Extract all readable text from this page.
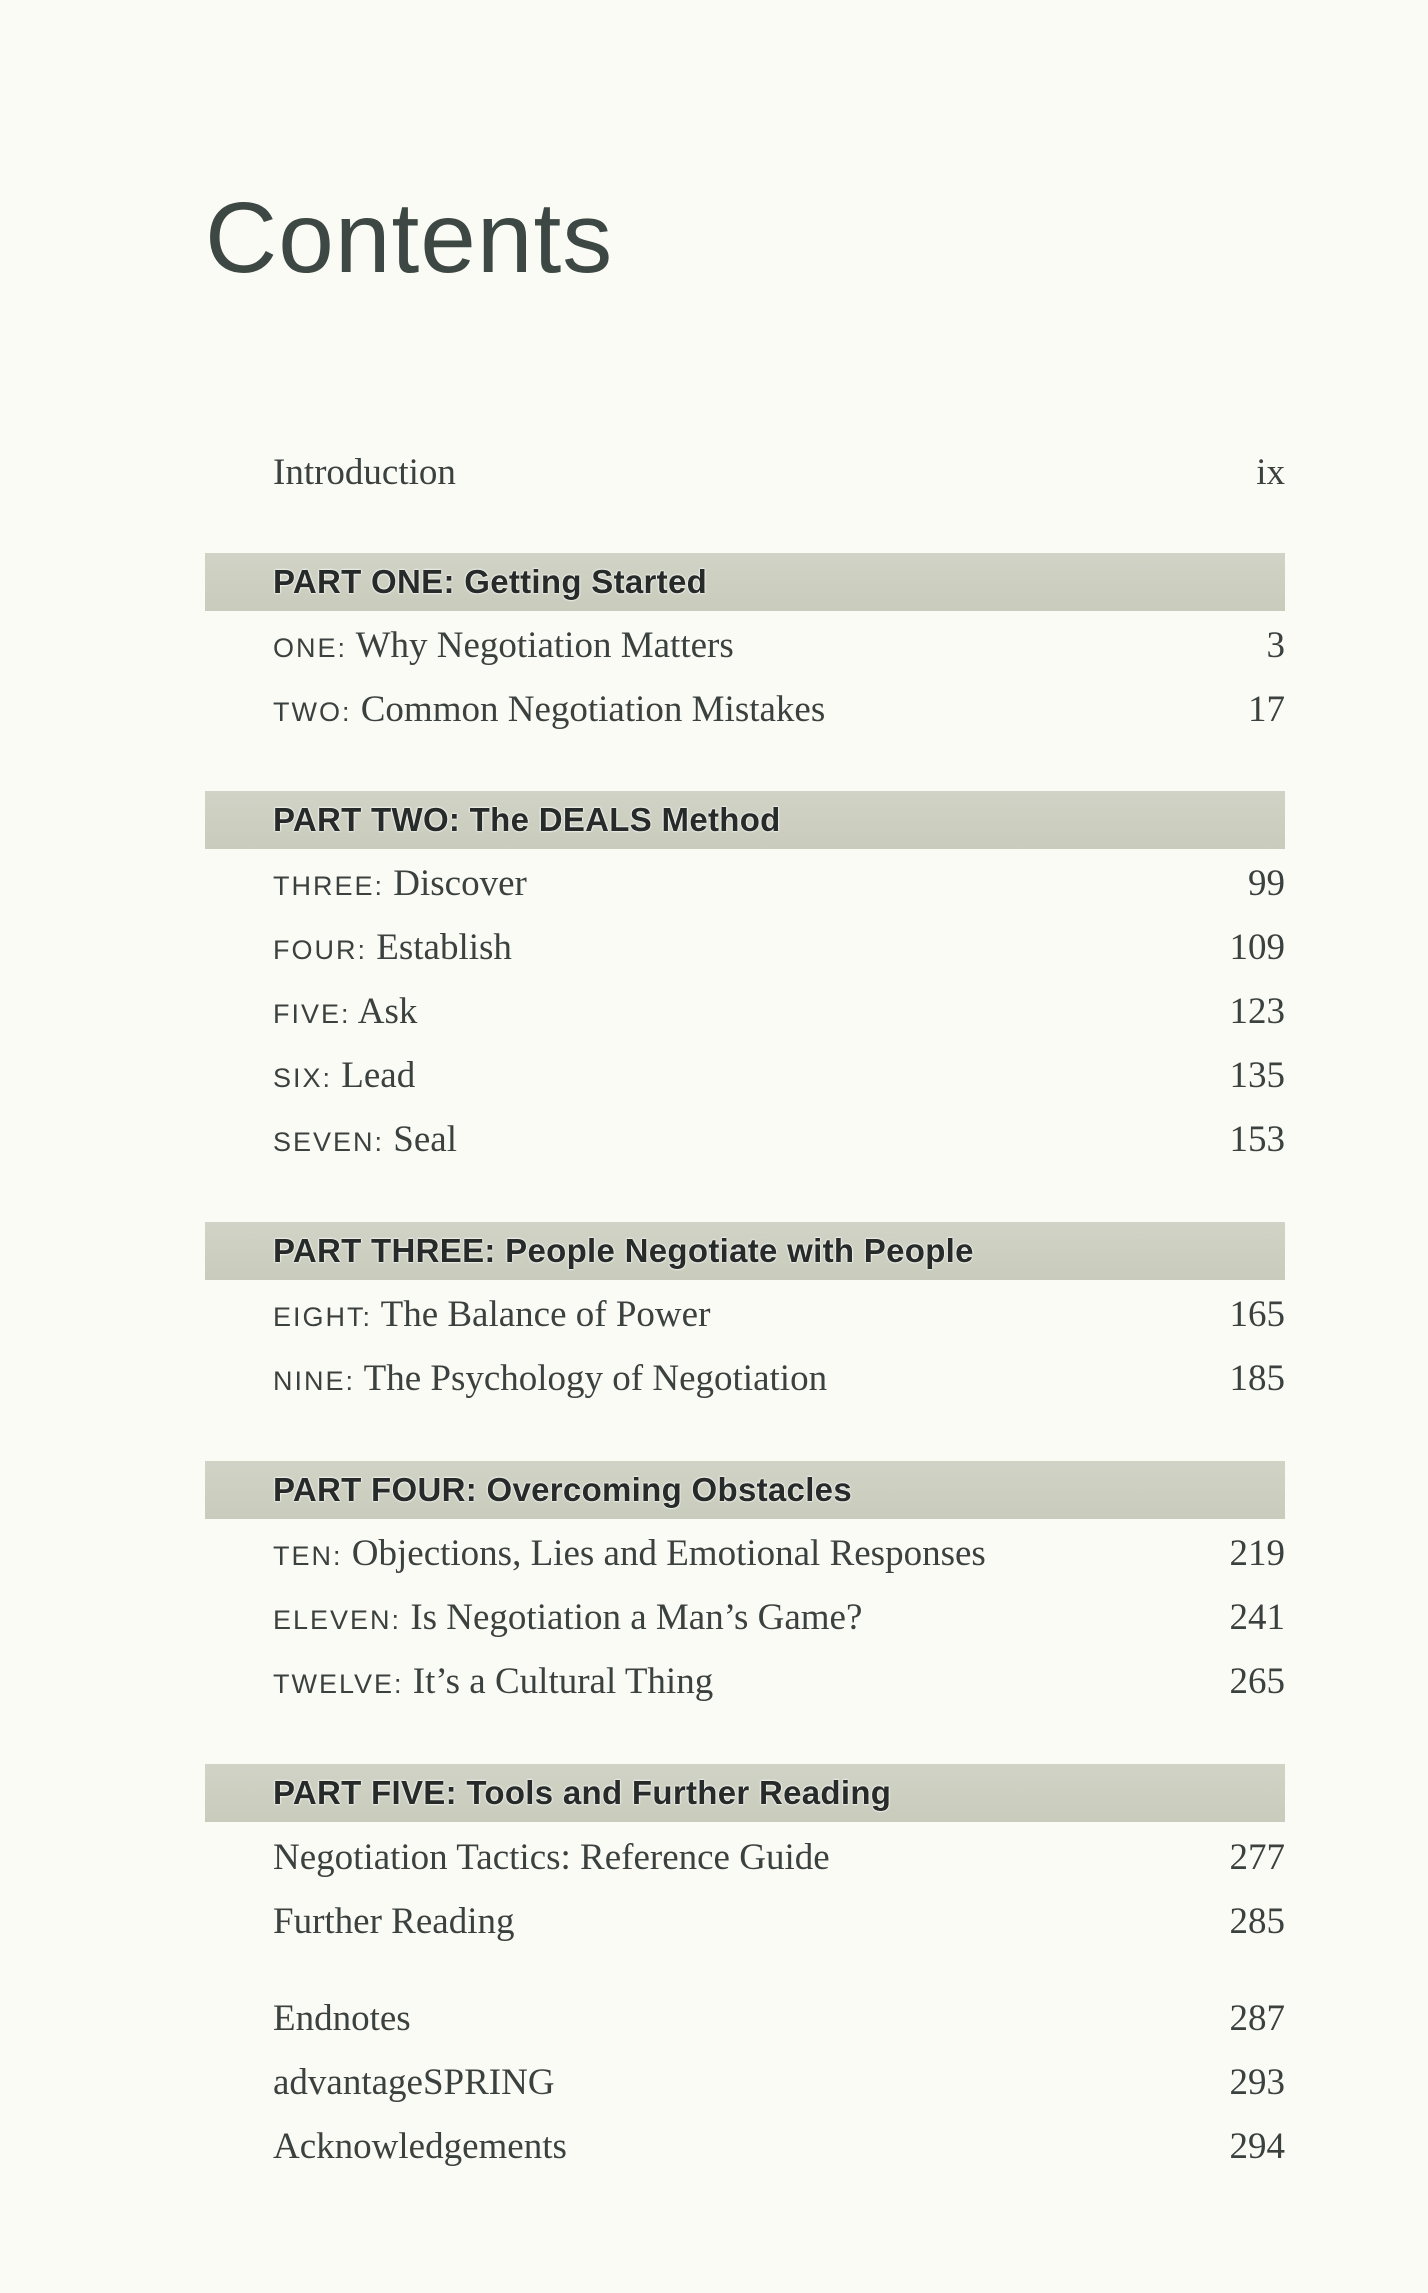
Contents
Introduction	ix
PART ONE: Getting Started
ONE: Why Negotiation Matters	3
TWO: Common Negotiation Mistakes	17
PART TWO: The DEALS Method
THREE: Discover	99
FOUR: Establish	109
FIVE: Ask	123
SIX: Lead	135
SEVEN: Seal	153
PART THREE: People Negotiate with People
EIGHT: The Balance of Power	165
NINE: The Psychology of Negotiation	185
PART FOUR: Overcoming Obstacles
TEN: Objections, Lies and Emotional Responses	219
ELEVEN: Is Negotiation a Man’s Game?	241
TWELVE: It’s a Cultural Thing	265
PART FIVE: Tools and Further Reading
Negotiation Tactics: Reference Guide	277
Further Reading	285
Endnotes	287
advantageSPRING	293
Acknowledgements	294
